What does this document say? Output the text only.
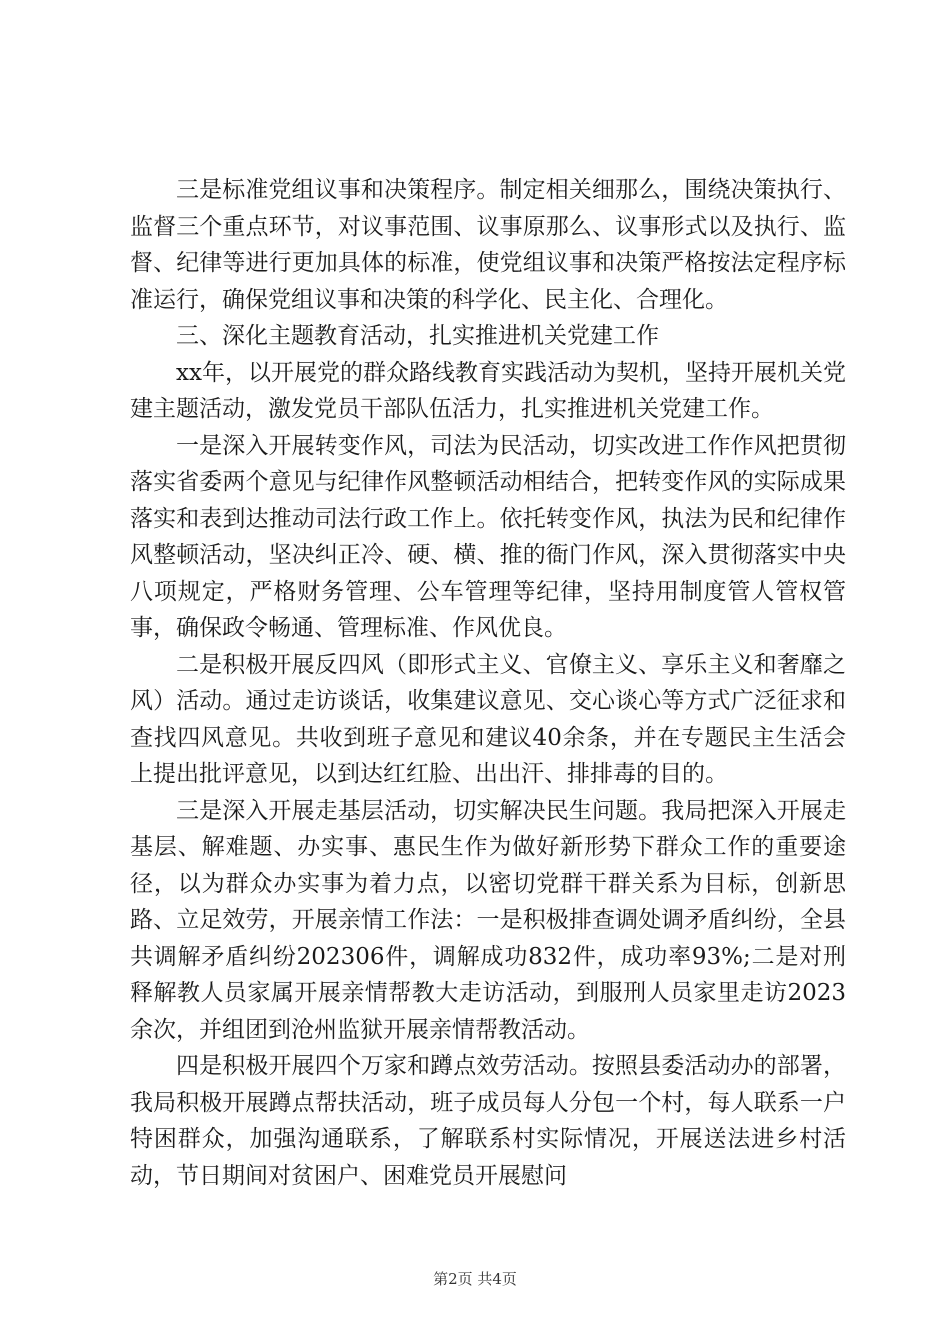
三是标准党组议事和决策程序。制定相关细那么，围绕决策执行、监督三个重点环节，对议事范围、议事原那么、议事形式以及执行、监督、纪律等进行更加具体的标准，使党组议事和决策严格按法定程序标准运行，确保党组议事和决策的科学化、民主化、合理化。

三、深化主题教育活动，扎实推进机关党建工作

xx年，以开展党的群众路线教育实践活动为契机，坚持开展机关党建主题活动，激发党员干部队伍活力，扎实推进机关党建工作。

一是深入开展转变作风，司法为民活动，切实改进工作作风把贯彻落实省委两个意见与纪律作风整顿活动相结合，把转变作风的实际成果落实和表到达推动司法行政工作上。依托转变作风，执法为民和纪律作风整顿活动，坚决纠正冷、硬、横、推的衙门作风，深入贯彻落实中央八项规定，严格财务管理、公车管理等纪律，坚持用制度管人管权管事，确保政令畅通、管理标准、作风优良。

二是积极开展反四风（即形式主义、官僚主义、享乐主义和奢靡之风）活动。通过走访谈话，收集建议意见、交心谈心等方式广泛征求和查找四风意见。共收到班子意见和建议40余条，并在专题民主生活会上提出批评意见，以到达红红脸、出出汗、排排毒的目的。

三是深入开展走基层活动，切实解决民生问题。我局把深入开展走基层、解难题、办实事、惠民生作为做好新形势下群众工作的重要途径，以为群众办实事为着力点，以密切党群干群关系为目标，创新思路、立足效劳，开展亲情工作法：一是积极排查调处调矛盾纠纷，全县共调解矛盾纠纷202306件，调解成功832件，成功率93%;二是对刑释解教人员家属开展亲情帮教大走访活动，到服刑人员家里走访2023余次，并组团到沧州监狱开展亲情帮教活动。

四是积极开展四个万家和蹲点效劳活动。按照县委活动办的部署，我局积极开展蹲点帮扶活动，班子成员每人分包一个村，每人联系一户特困群众，加强沟通联系，了解联系村实际情况，开展送法进乡村活动，节日期间对贫困户、困难党员开展慰问

第2页 共4页
